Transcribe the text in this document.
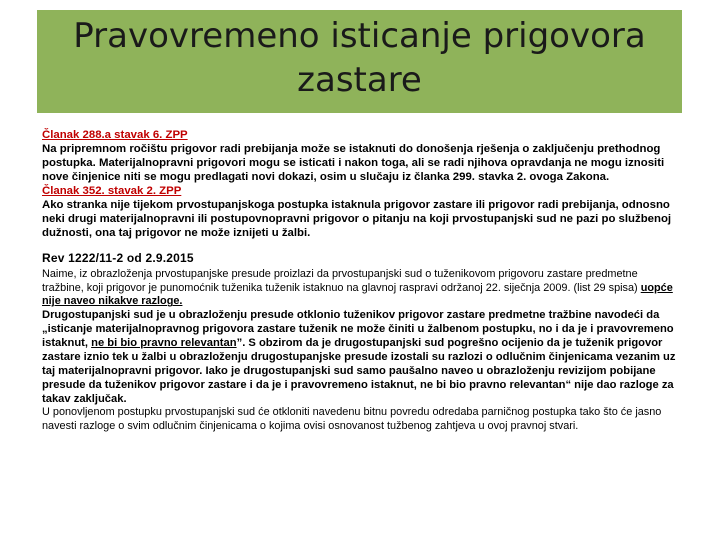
Pravovremeno isticanje prigovora
zastare

Članak 288.a stavak 6. ZPP

Na pripremnom ročištu prigovor radi prebijanja može se istaknuti do donošenja rješenja o zaključenju prethodnog postupka. Materijalnopravni prigovori mogu se isticati i nakon toga, ali se radi njihova opravdanja ne mogu iznositi nove činjenice niti se mogu predlagati novi dokazi, osim u slučaju iz članka 299. stavka 2. ovoga Zakona.

Članak 352. stavak 2. ZPP

Ako stranka nije tijekom prvostupanjskoga postupka istaknula prigovor zastare ili prigovor radi prebijanja, odnosno neki drugi materijalnopravni ili postupovnopravni prigovor o pitanju na koji prvostupanjski sud ne pazi po službenoj dužnosti, ona taj prigovor ne može iznijeti u žalbi.

Rev 1222/11-2 od 2.9.2015

Naime, iz obrazloženja prvostupanjske presude proizlazi da prvostupanjski sud o tuženikovom prigovoru zastare predmetne tražbine, koji prigovor je punomoćnik tuženika tuženik istaknuo na glavnoj raspravi održanoj 22. siječnja 2009. (list 29 spisa) uopće nije naveo nikakve razloge.

Drugostupanjski sud je u obrazloženju presude otklonio tuženikov prigovor zastare predmetne tražbine navodeći da „isticanje materijalnopravnog prigovora zastare tuženik ne može činiti u žalbenom postupku, no i da je i pravovremeno istaknut, ne bi bio pravno relevantan”. S obzirom da je drugostupanjski sud pogrešno ocijenio da je tuženik prigovor zastare iznio tek u žalbi u obrazloženju drugostupanjske presude izostali su razlozi o odlučnim činjenicama vezanim uz taj materijalnopravni prigovor. Iako je drugostupanjski sud samo paušalno naveo u obrazloženju revizijom pobijane presude da tuženikov prigovor zastare i da je i pravovremeno istaknut, ne bi bio pravno relevantan“ nije dao razloge za takav zaključak.

U ponovljenom postupku prvostupanjski sud će otkloniti navedenu bitnu povredu odredaba parničnog postupka tako što će jasno navesti razloge o svim odlučnim činjenicama o kojima ovisi osnovanost tužbenog zahtjeva u ovoj pravnoj stvari.
